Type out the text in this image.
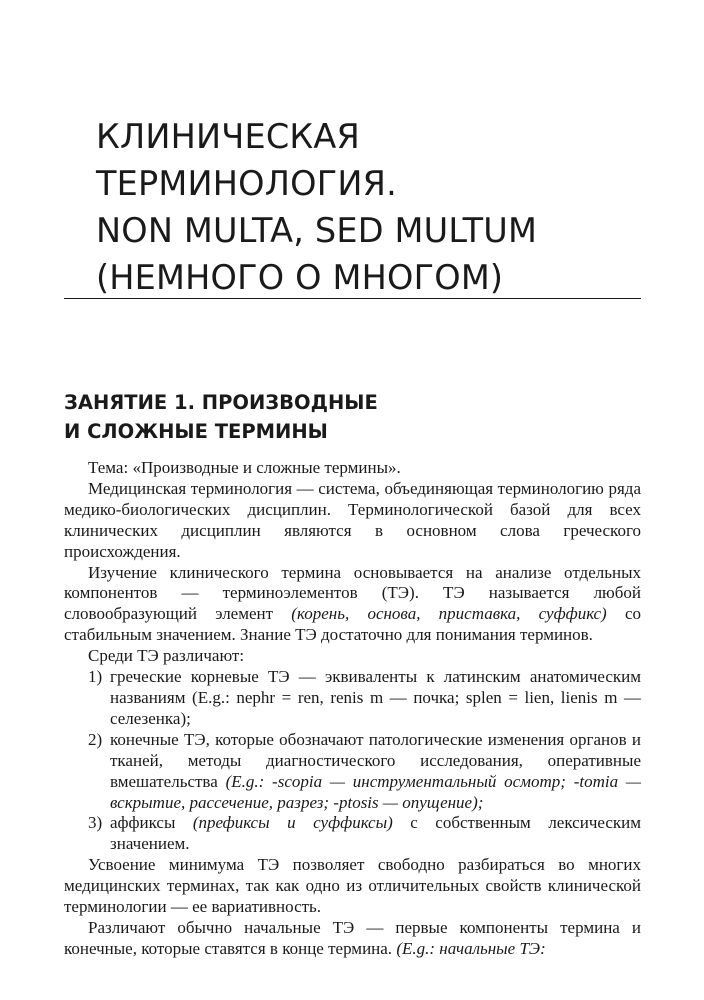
КЛИНИЧЕСКАЯ
ТЕРМИНОЛОГИЯ.
NON MULTA, SED MULTUM
(НЕМНОГО О МНОГОМ)
ЗАНЯТИЕ 1. ПРОИЗВОДНЫЕ
И СЛОЖНЫЕ ТЕРМИНЫ

Тема: «Производные и сложные термины».

Медицинская терминология — система, объединяющая терминологию ряда медико-биологических дисциплин. Терминологической базой для всех клинических дисциплин являются в основном слова греческого происхождения.

Изучение клинического термина основывается на анализе отдельных компонентов — терминоэлементов (ТЭ). ТЭ называется любой словообразующий элемент (корень, основа, приставка, суффикс) со стабильным значением. Знание ТЭ достаточно для понимания терминов.

Среди ТЭ различают:

1) греческие корневые ТЭ — эквиваленты к латинским анатомическим названиям (E.g.: nephr = ren, renis m — почка; splen = lien, lienis m — селезенка);
2) конечные ТЭ, которые обозначают патологические изменения органов и тканей, методы диагностического исследования, оперативные вмешательства (E.g.: -scopia — инструментальный осмотр; -tomia — вскрытие, рассечение, разрез; -ptosis — опущение);
3) аффиксы (префиксы и суффиксы) с собственным лексическим значением.

Усвоение минимума ТЭ позволяет свободно разбираться во многих медицинских терминах, так как одно из отличительных свойств клинической терминологии — ее вариативность.

Различают обычно начальные ТЭ — первые компоненты термина и конечные, которые ставятся в конце термина. (E.g.: начальные ТЭ:
